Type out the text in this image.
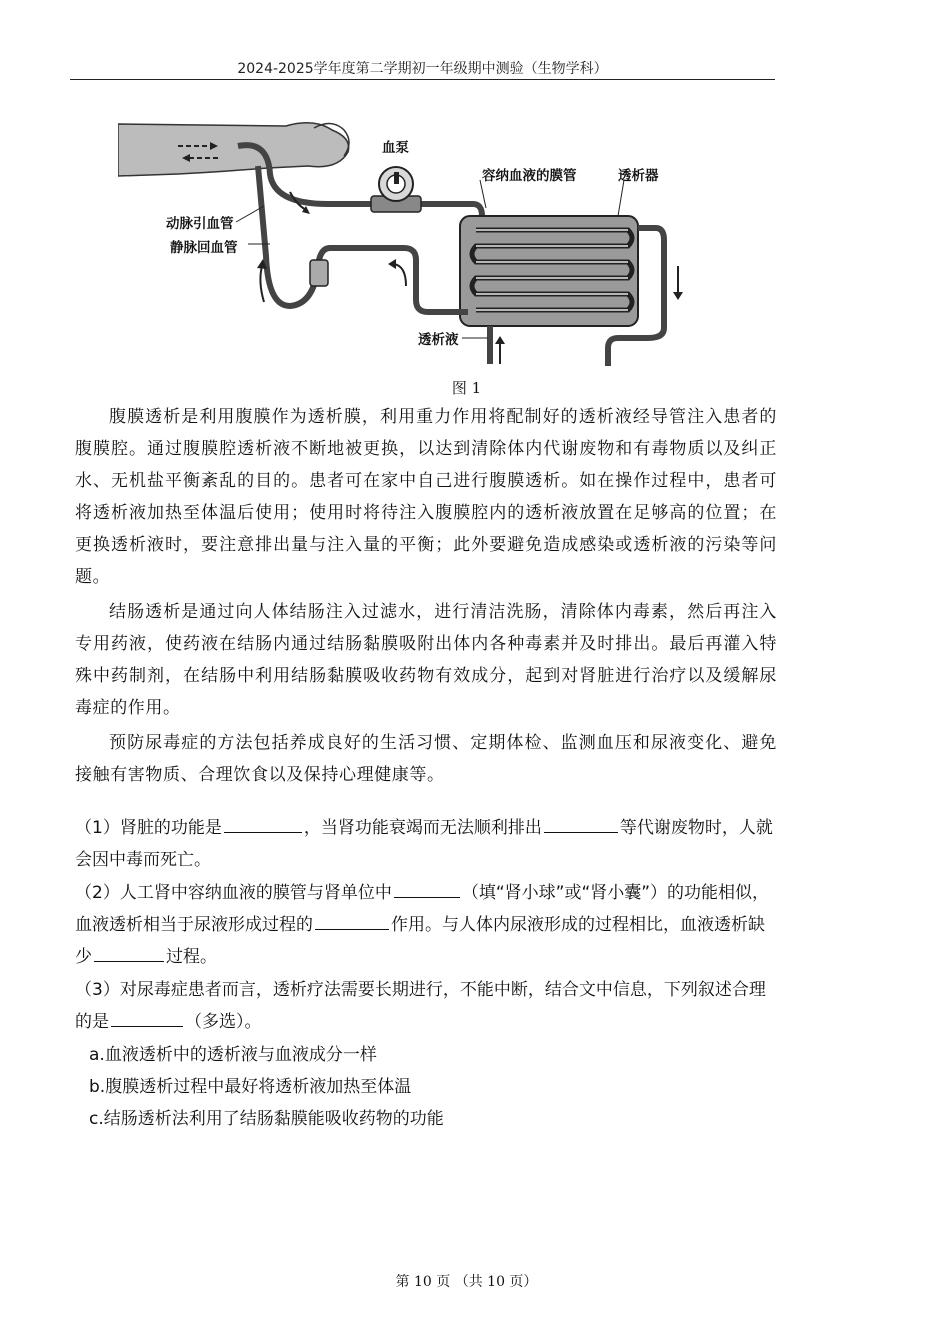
2024-2025学年度第二学期初一年级期中测验（生物学科）
血泵
容纳血液的膜管	透析器
动脉引血管
静脉回血管
透析液
图 1

腹膜透析是利用腹膜作为透析膜，利用重力作用将配制好的透析液经导管注入患者的腹膜腔。通过腹膜腔透析液不断地被更换，以达到清除体内代谢废物和有毒物质以及纠正水、无机盐平衡紊乱的目的。患者可在家中自己进行腹膜透析。如在操作过程中，患者可将透析液加热至体温后使用；使用时将待注入腹膜腔内的透析液放置在足够高的位置；在更换透析液时，要注意排出量与注入量的平衡；此外要避免造成感染或透析液的污染等问题。

结肠透析是通过向人体结肠注入过滤水，进行清洁洗肠，清除体内毒素，然后再注入专用药液，使药液在结肠内通过结肠黏膜吸附出体内各种毒素并及时排出。最后再灌入特殊中药制剂，在结肠中利用结肠黏膜吸收药物有效成分，起到对肾脏进行治疗以及缓解尿毒症的作用。

预防尿毒症的方法包括养成良好的生活习惯、定期体检、监测血压和尿液变化、避免接触有害物质、合理饮食以及保持心理健康等。

（1）肾脏的功能是	，当肾功能衰竭而无法顺利排出	等代谢废物时，人就会因中毒而死亡。
（2）人工肾中容纳血液的膜管与肾单位中	（填“肾小球”或“肾小囊”）的功能相似，血液透析相当于尿液形成过程的	作用。与人体内尿液形成的过程相比，血液透析缺少	过程。
（3）对尿毒症患者而言，透析疗法需要长期进行，不能中断，结合文中信息，下列叙述合理的是	（多选）。
a.血液透析中的透析液与血液成分一样
b.腹膜透析过程中最好将透析液加热至体温
c.结肠透析法利用了结肠黏膜能吸收药物的功能
第 10 页 （共 10 页）
